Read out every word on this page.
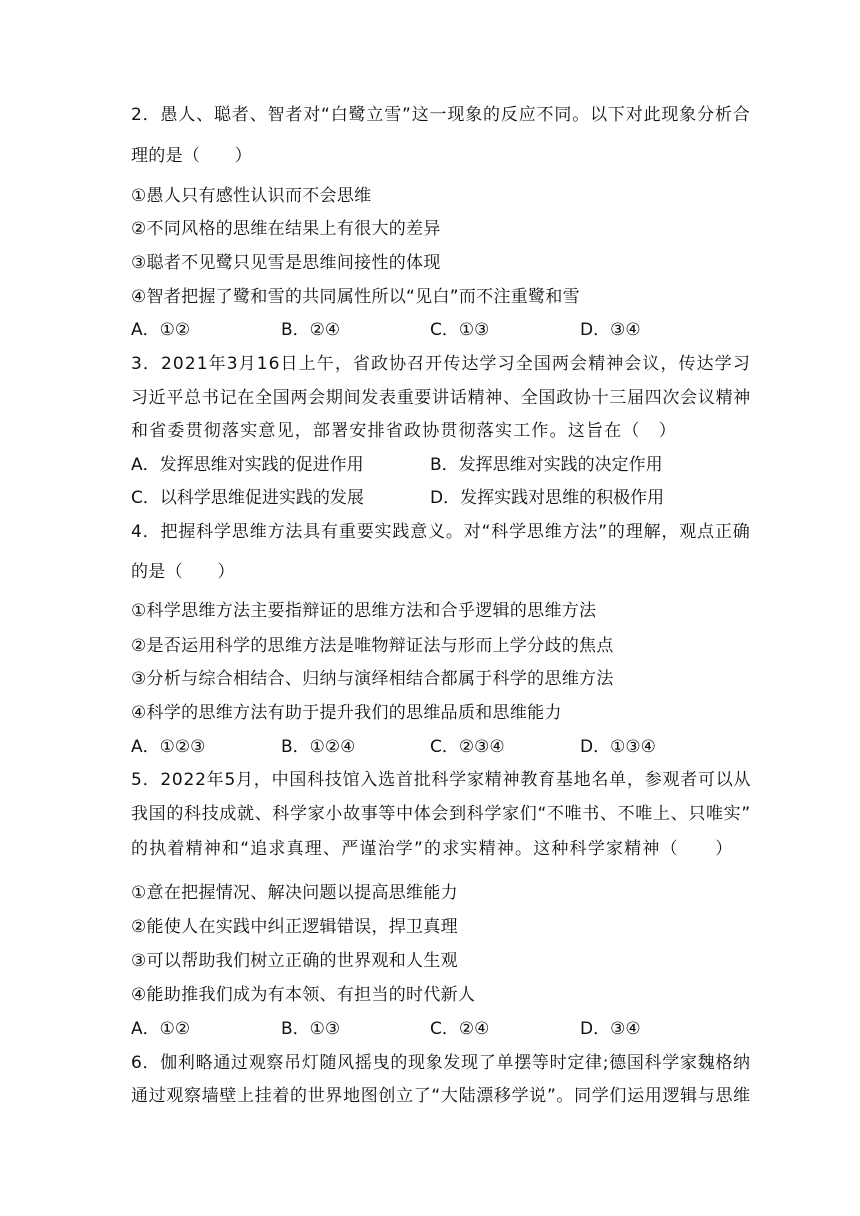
2．愚人、聪者、智者对“白鹭立雪”这一现象的反应不同。以下对此现象分析合
理的是（　　）
①愚人只有感性认识而不会思维
②不同风格的思维在结果上有很大的差异
③聪者不见鹭只见雪是思维间接性的体现
④智者把握了鹭和雪的共同属性所以“见白”而不注重鹭和雪
A．①②	B．②④	C．①③	D．③④
3．2021年3月16日上午，省政协召开传达学习全国两会精神会议，传达学习
习近平总书记在全国两会期间发表重要讲话精神、全国政协十三届四次会议精神
和省委贯彻落实意见，部署安排省政协贯彻落实工作。这旨在（　）
A．发挥思维对实践的促进作用	B．发挥思维对实践的决定作用
C．以科学思维促进实践的发展	D．发挥实践对思维的积极作用
4．把握科学思维方法具有重要实践意义。对“科学思维方法”的理解，观点正确
的是（　　）
①科学思维方法主要指辩证的思维方法和合乎逻辑的思维方法
②是否运用科学的思维方法是唯物辩证法与形而上学分歧的焦点
③分析与综合相结合、归纳与演绎相结合都属于科学的思维方法
④科学的思维方法有助于提升我们的思维品质和思维能力
A．①②③	B．①②④	C．②③④	D．①③④
5．2022年5月，中国科技馆入选首批科学家精神教育基地名单，参观者可以从
我国的科技成就、科学家小故事等中体会到科学家们“不唯书、不唯上、只唯实”
的执着精神和“追求真理、严谨治学”的求实精神。这种科学家精神（　　）
①意在把握情况、解决问题以提高思维能力
②能使人在实践中纠正逻辑错误，捍卫真理
③可以帮助我们树立正确的世界观和人生观
④能助推我们成为有本领、有担当的时代新人
A．①②	B．①③	C．②④	D．③④
6．伽利略通过观察吊灯随风摇曳的现象发现了单摆等时定律;德国科学家魏格纳
通过观察墙壁上挂着的世界地图创立了“大陆漂移学说”。同学们运用逻辑与思维
